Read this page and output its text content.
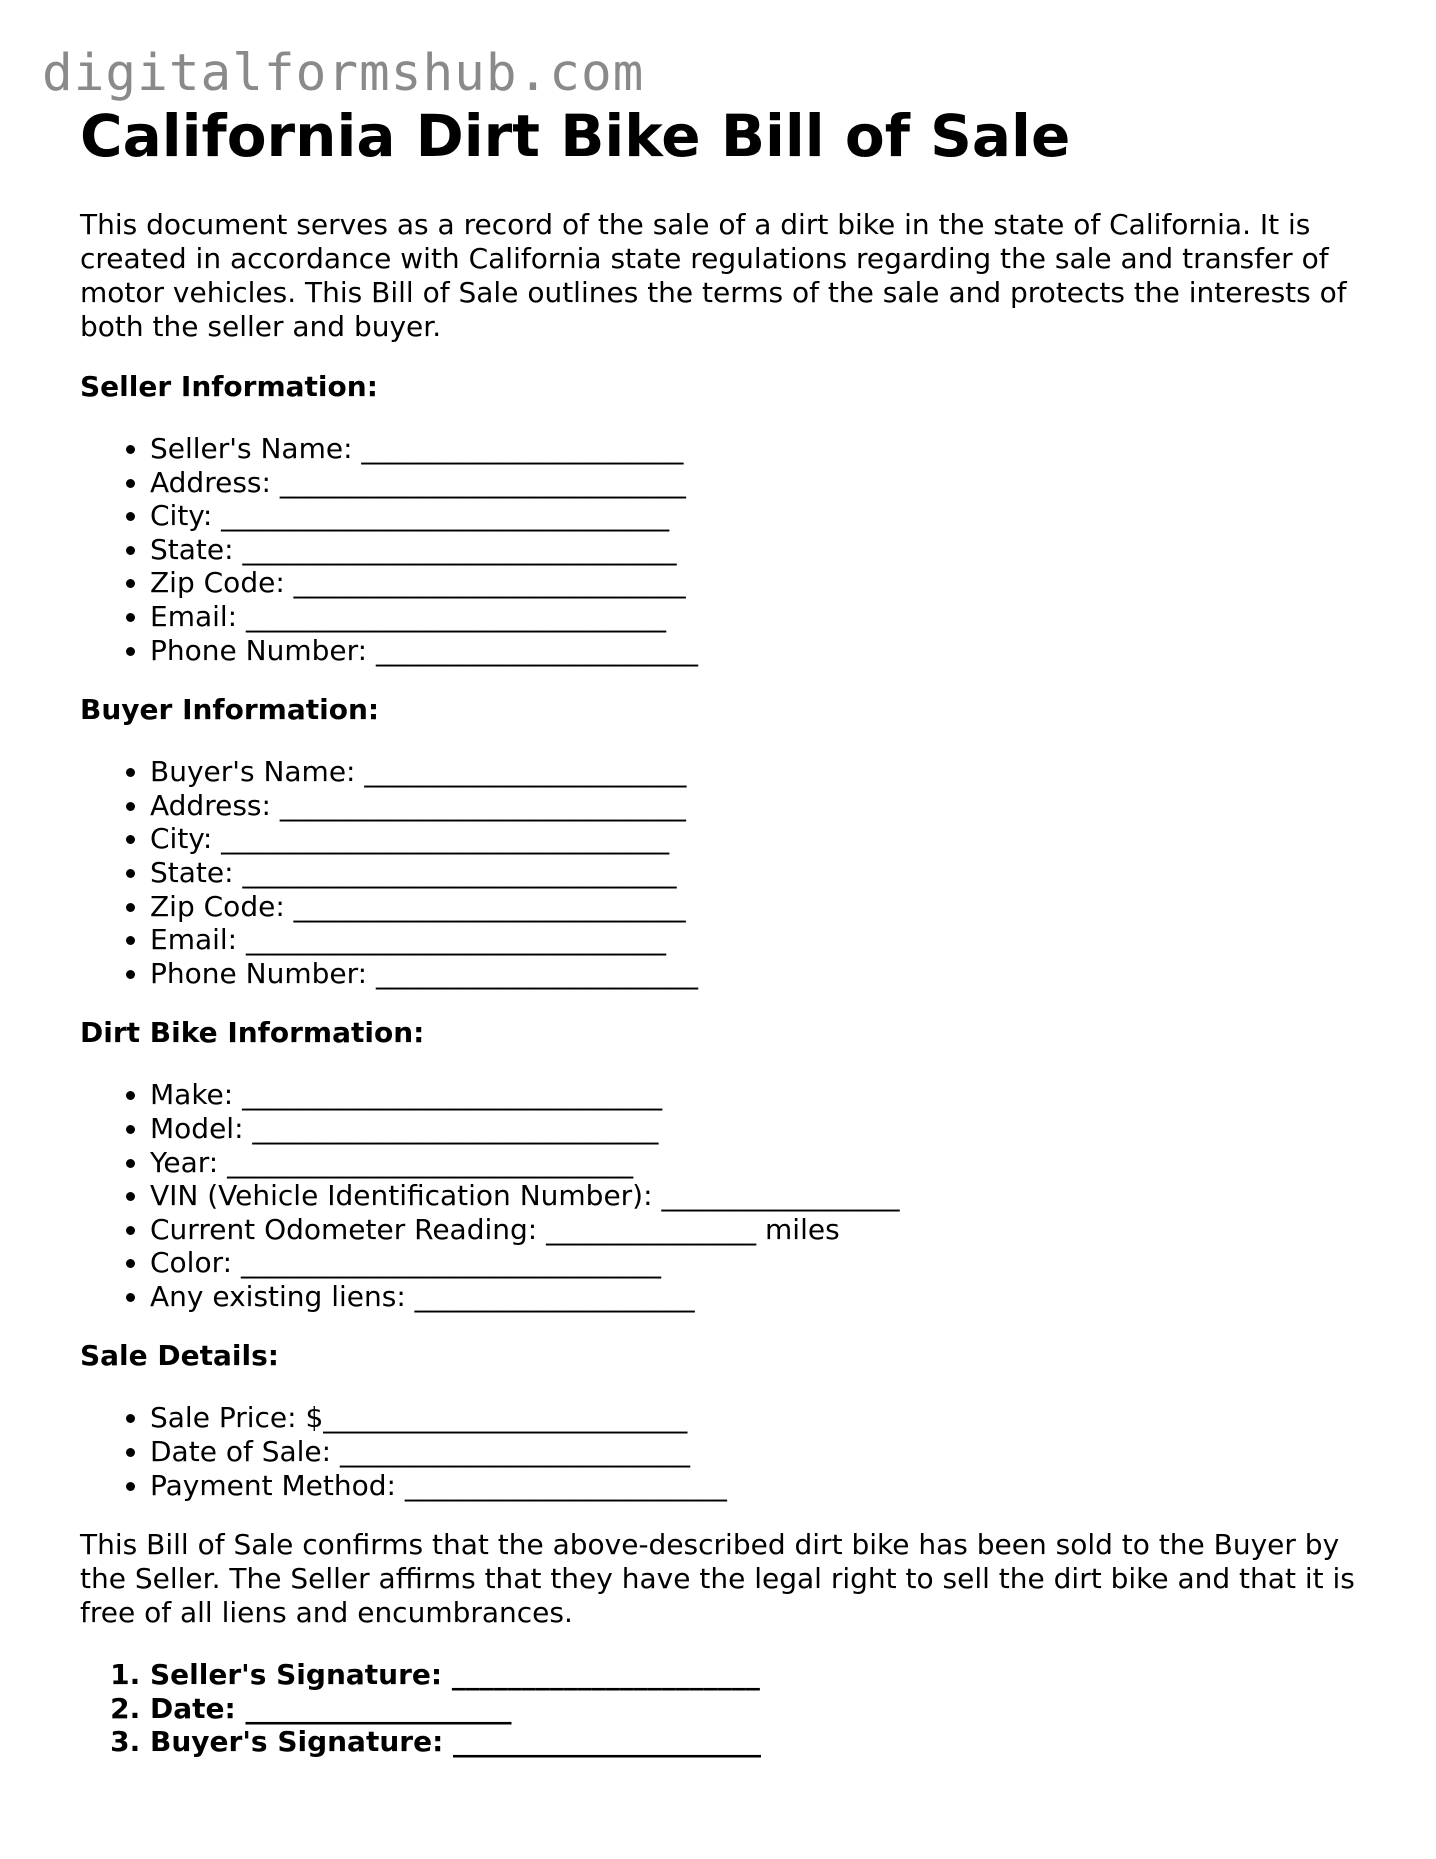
digitalformshub.com
California Dirt Bike Bill of Sale

This document serves as a record of the sale of a dirt bike in the state of California. It is created in accordance with California state regulations regarding the sale and transfer of motor vehicles. This Bill of Sale outlines the terms of the sale and protects the interests of both the seller and buyer.

Seller Information:
• Seller's Name: _______________________
• Address: _____________________________
• City: ________________________________
• State: _______________________________
• Zip Code: ____________________________
• Email: ______________________________
• Phone Number: _______________________
Buyer Information:
• Buyer's Name: _______________________
• Address: _____________________________
• City: ________________________________
• State: _______________________________
• Zip Code: ____________________________
• Email: ______________________________
• Phone Number: _______________________
Dirt Bike Information:
• Make: ______________________________
• Model: _____________________________
• Year: _____________________________
• VIN (Vehicle Identification Number): _________________
• Current Odometer Reading: _______________ miles
• Color: ______________________________
• Any existing liens: ____________________
Sale Details:
• Sale Price: $__________________________
• Date of Sale: _________________________
• Payment Method: _______________________

This Bill of Sale confirms that the above-described dirt bike has been sold to the Buyer by the Seller. The Seller affirms that they have the legal right to sell the dirt bike and that it is free of all liens and encumbrances.

1. Seller's Signature: ______________________
2. Date: ___________________
3. Buyer's Signature: ______________________
